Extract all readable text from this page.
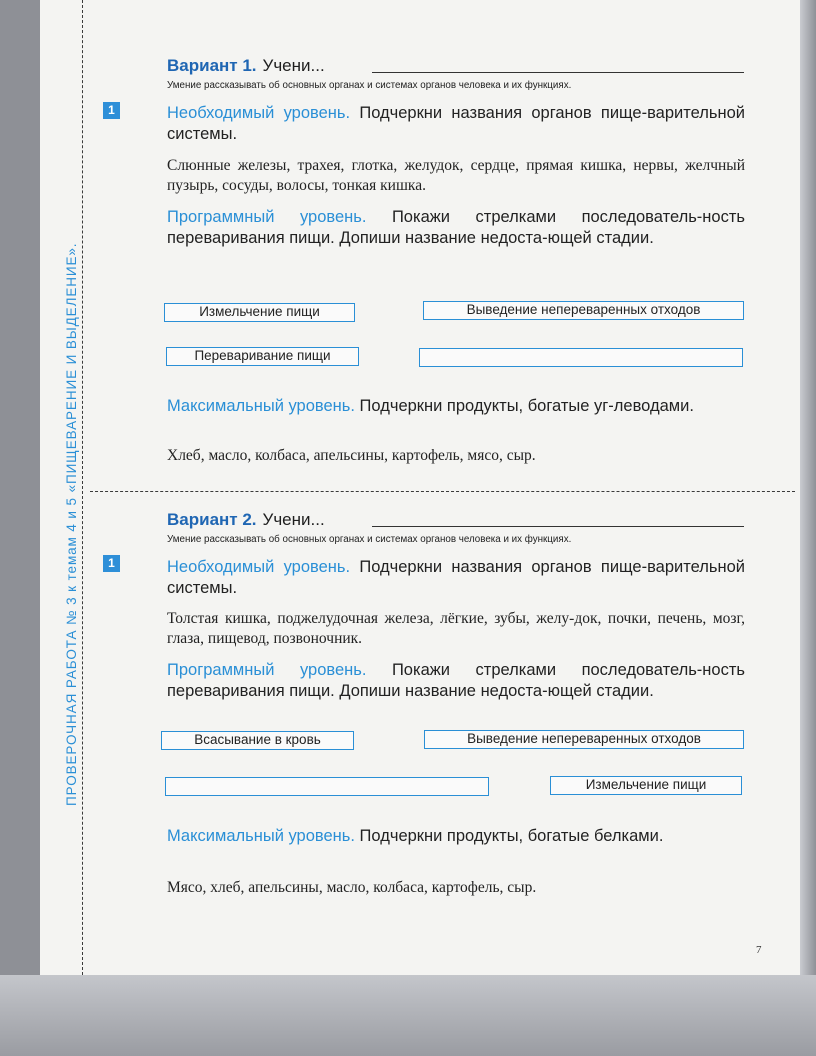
ПРОВЕРОЧНАЯ РАБОТА № 3 к темам 4 и 5 «ПИЩЕВАРЕНИЕ И ВЫДЕЛЕНИЕ».
Вариант 1. Учени...
Умение рассказывать об основных органах и системах органов человека и их функциях.
1	Необходимый уровень. Подчеркни названия органов пище-варительной системы.
Слюнные железы, трахея, глотка, желудок, сердце, прямая кишка, нервы, желчный пузырь, сосуды, волосы, тонкая кишка.
Программный уровень. Покажи стрелками последователь-ность переваривания пищи. Допиши название недоста-ющей стадии.
Измельчение пищи	Выведение непереваренных отходов
Переваривание пищи
Максимальный уровень. Подчеркни продукты, богатые уг-леводами.
Хлеб, масло, колбаса, апельсины, картофель, мясо, сыр.
Вариант 2. Учени...
Умение рассказывать об основных органах и системах органов человека и их функциях.
1	Необходимый уровень. Подчеркни названия органов пище-варительной системы.
Толстая кишка, поджелудочная железа, лёгкие, зубы, желу-док, почки, печень, мозг, глаза, пищевод, позвоночник.
Программный уровень. Покажи стрелками последователь-ность переваривания пищи. Допиши название недоста-ющей стадии.
Всасывание в кровь	Выведение непереваренных отходов
Измельчение пищи
Максимальный уровень. Подчеркни продукты, богатые белками.
Мясо, хлеб, апельсины, масло, колбаса, картофель, сыр.
7
